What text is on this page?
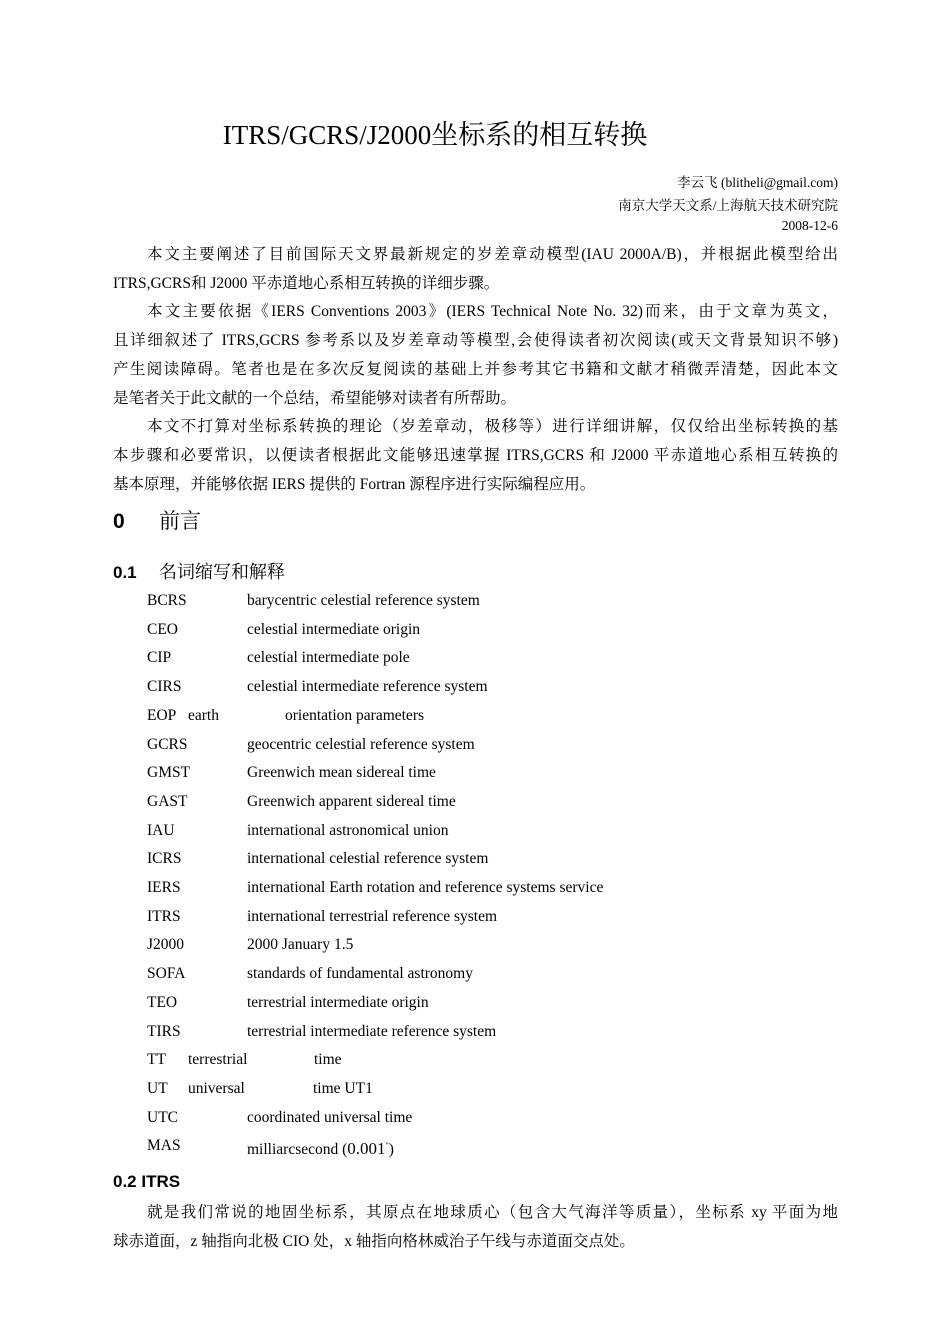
ITRS/GCRS/J2000坐标系的相互转换
李云飞 (blitheli@gmail.com)
南京大学天文系/上海航天技术研究院
2008-12-6
本文主要阐述了目前国际天文界最新规定的岁差章动模型(IAU 2000A/B)，并根据此模型给出
ITRS,GCRS和 J2000 平赤道地心系相互转换的详细步骤。
本文主要依据《IERS Conventions 2003》(IERS Technical Note No. 32)而来，由于文章为英文，
且详细叙述了 ITRS,GCRS 参考系以及岁差章动等模型,会使得读者初次阅读(或天文背景知识不够)
产生阅读障碍。笔者也是在多次反复阅读的基础上并参考其它书籍和文献才稍微弄清楚，因此本文
是笔者关于此文献的一个总结，希望能够对读者有所帮助。
本文不打算对坐标系转换的理论（岁差章动，极移等）进行详细讲解，仅仅给出坐标转换的基
本步骤和必要常识，以便读者根据此文能够迅速掌握 ITRS,GCRS 和 J2000 平赤道地心系相互转换的
基本原理，并能够依据 IERS 提供的 Fortran 源程序进行实际编程应用。
0 前言
0.1 名词缩写和解释
BCRS	barycentric celestial reference system
CEO	celestial intermediate origin
CIP	celestial intermediate pole
CIRS	celestial intermediate reference system
EOP earth	orientation parameters
GCRS	geocentric celestial reference system
GMST	Greenwich mean sidereal time
GAST	Greenwich apparent sidereal time
IAU	international astronomical union
ICRS	international celestial reference system
IERS	international Earth rotation and reference systems service
ITRS	international terrestrial reference system
J2000	2000 January 1.5
SOFA	standards of fundamental astronomy
TEO	terrestrial intermediate origin
TIRS	terrestrial intermediate reference system
TT terrestrial	time
UT universal	time UT1
UTC	coordinated universal time
MAS	milliarcsecond (0.001")
0.2 ITRS
就是我们常说的地固坐标系，其原点在地球质心（包含大气海洋等质量），坐标系 xy 平面为地
球赤道面，z 轴指向北极 CIO 处，x 轴指向格林威治子午线与赤道面交点处。
